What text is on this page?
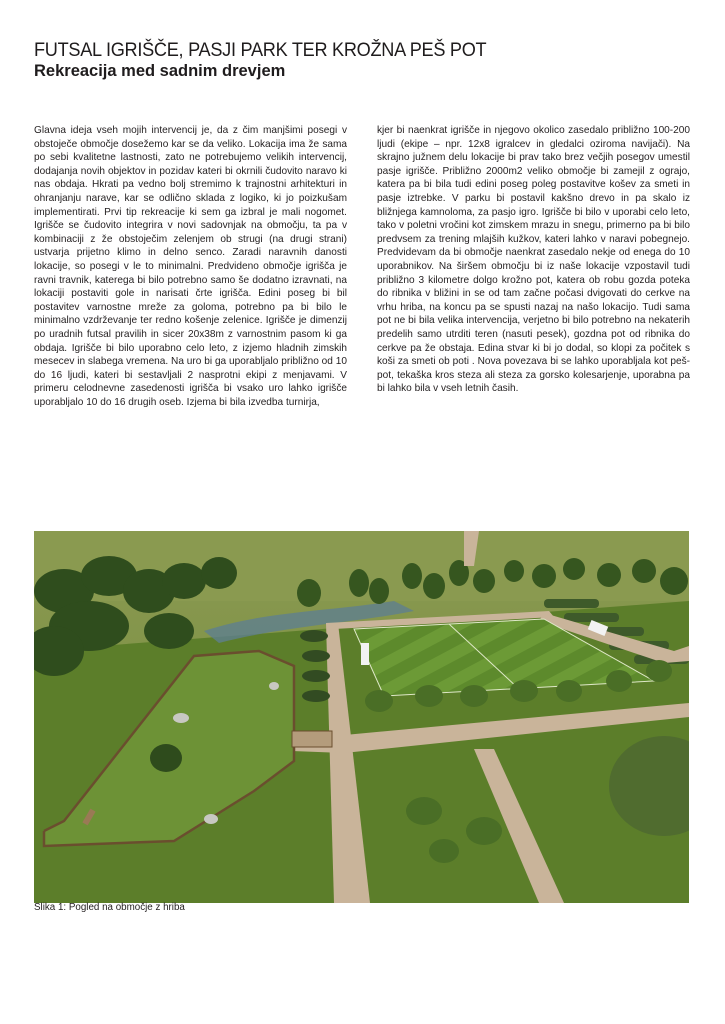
FUTSAL IGRIŠČE, PASJI PARK TER KROŽNA PEŠ POT
Rekreacija med sadnim drevjem

Glavna ideja vseh mojih intervencij je, da z čim manjšimi posegi v obstoječe območje dosežemo kar se da veliko. Lokacija ima že sama po sebi kvalitetne lastnosti, zato ne potrebujemo velikih intervencij, dodajanja novih objektov in pozidav kateri bi okrnili čudovito naravo ki nas obdaja. Hkrati pa vedno bolj stremimo k trajnostni arhitekturi in ohranjanju narave, kar se odlično sklada z logiko, ki jo poizkušam implementirati. Prvi tip rekreacije ki sem ga izbral je mali nogomet. Igrišče se čudovito integrira v novi sadovnjak na območju, ta pa v kombinaciji z že obstoječim zelenjem ob strugi (na drugi strani) ustvarja prijetno klimo in delno senco. Zaradi naravnih danosti lokacije, so posegi v le to minimalni. Predvideno območje igrišča je ravni travnik, katerega bi bilo potrebno samo še dodatno izravnati, na lokaciji postaviti gole in narisati črte igrišča. Edini poseg bi bil postavitev varnostne mreže za goloma, potrebno pa bi bilo le minimalno vzdrževanje ter redno košenje zelenice. Igrišče je dimenzij po uradnih futsal pravilih in sicer 20x38m z varnostnim pasom ki ga obdaja. Igrišče bi bilo uporabno celo leto, z izjemo hladnih zimskih mesecev in slabega vremena. Na uro bi ga uporabljalo približno od 10 do 16 ljudi, kateri bi sestavljali 2 nasprotni ekipi z menjavami. V primeru celodnevne zasedenosti igrišča bi vsako uro lahko igrišče uporabljalo 10 do 16 drugih oseb. Izjema bi bila izvedba turnirja,

kjer bi naenkrat igrišče in njegovo okolico zasedalo približno 100-200 ljudi (ekipe – npr. 12x8 igralcev in gledalci oziroma navijači). Na skrajno južnem delu lokacije bi prav tako brez večjih posegov umestil pasje igrišče. Približno 2000m2 veliko območje bi zamejil z ograjo, katera pa bi bila tudi edini poseg poleg postavitve košev za smeti in pasje iztrebke. V parku bi postavil kakšno drevo in pa skalo iz bližnjega kamnoloma, za pasjo igro. Igrišče bi bilo v uporabi celo leto, tako v poletni vročini kot zimskem mrazu in snegu, primerno pa bi bilo predvsem za trening mlajših kužkov, kateri lahko v naravi pobegnejo. Predvidevam da bi območje naenkrat zasedalo nekje od enega do 10 uporabnikov. Na širšem območju bi iz naše lokacije vzpostavil tudi približno 3 kilometre dolgo krožno pot, katera ob robu gozda poteka do ribnika v bližini in se od tam začne počasi dvigovati do cerkve na vrhu hriba, na koncu pa se spusti nazaj na našo lokacijo. Tudi sama pot ne bi bila velika intervencija, verjetno bi bilo potrebno na nekaterih predelih samo utrditi teren (nasuti pesek), gozdna pot od ribnika do cerkve pa že obstaja. Edina stvar ki bi jo dodal, so klopi za počitek s koši za smeti ob poti . Nova povezava bi se lahko uporabljala kot pešpot, tekaška kros steza ali steza za gorsko kolesarjenje, uporabna pa bi lahko bila v vseh letnih časih.

Slika 1: Pogled na območje z hriba
